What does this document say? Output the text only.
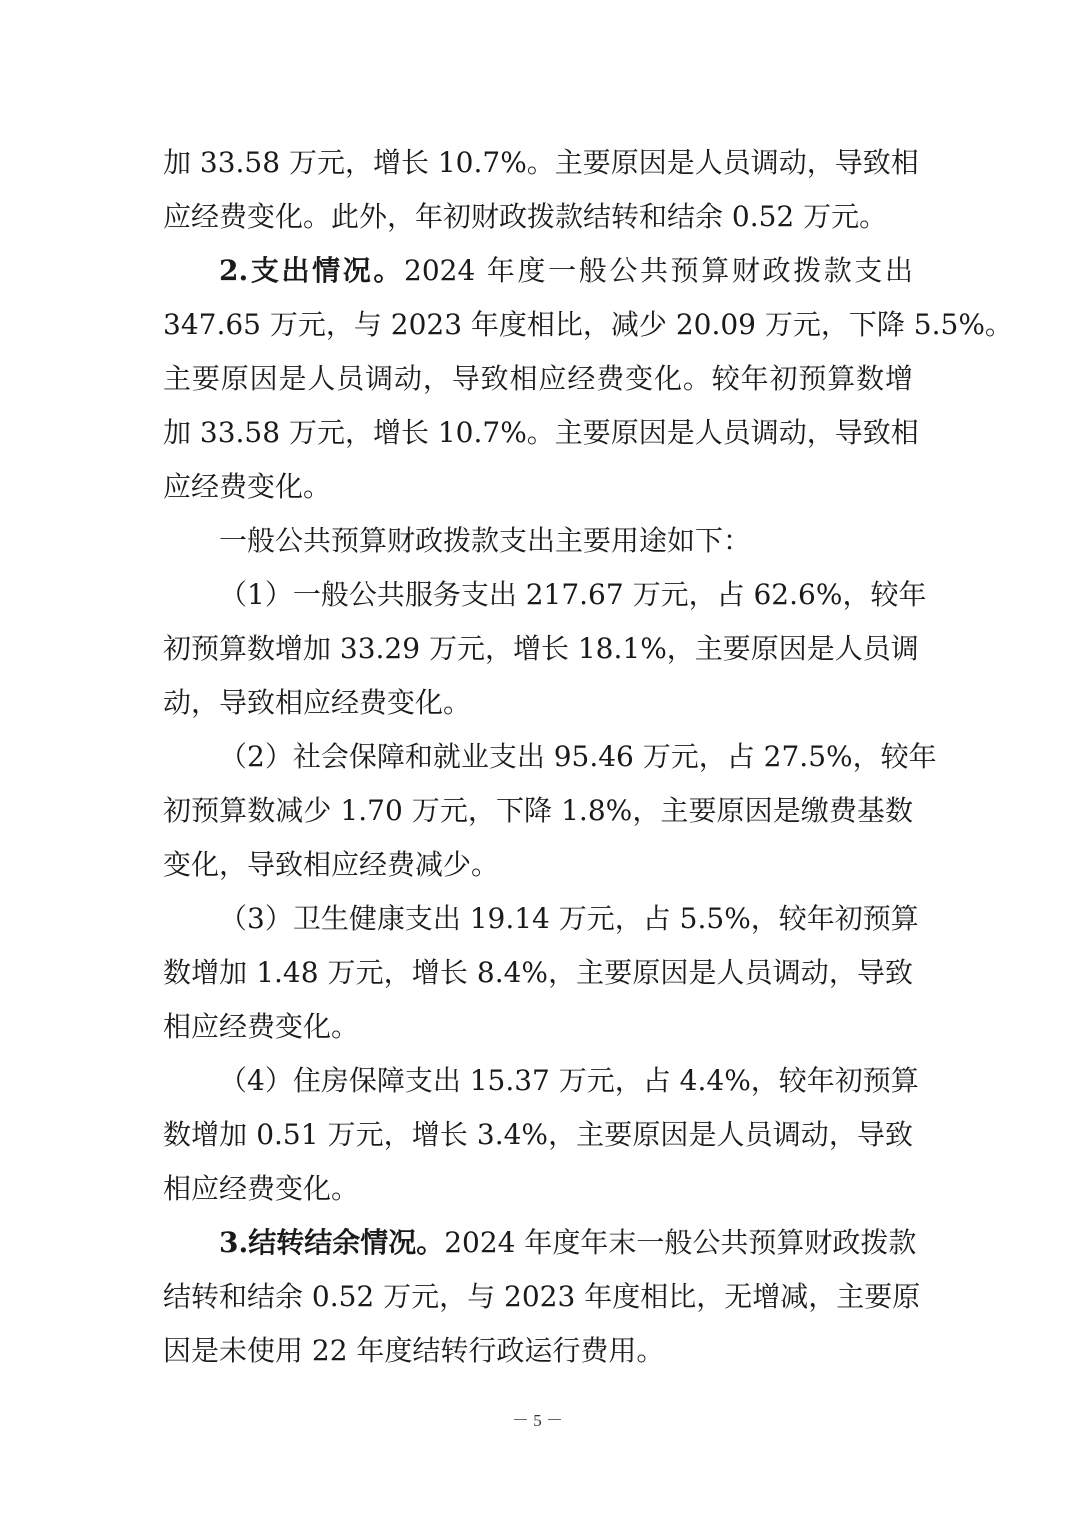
加 33.58 万元，增长 10.7%。主要原因是人员调动，导致相
应经费变化。此外，年初财政拨款结转和结余 0.52 万元。
2.支出情况。2024 年度一般公共预算财政拨款支出
347.65 万元，与 2023 年度相比，减少 20.09 万元，下降 5.5%。
主要原因是人员调动，导致相应经费变化。较年初预算数增
加 33.58 万元，增长 10.7%。主要原因是人员调动，导致相
应经费变化。
一般公共预算财政拨款支出主要用途如下：
（1）一般公共服务支出 217.67 万元，占 62.6%，较年
初预算数增加 33.29 万元，增长 18.1%，主要原因是人员调
动，导致相应经费变化。
（2）社会保障和就业支出 95.46 万元，占 27.5%，较年
初预算数减少 1.70 万元，下降 1.8%，主要原因是缴费基数
变化，导致相应经费减少。
（3）卫生健康支出 19.14 万元，占 5.5%，较年初预算
数增加 1.48 万元，增长 8.4%，主要原因是人员调动，导致
相应经费变化。
（4）住房保障支出 15.37 万元，占 4.4%，较年初预算
数增加 0.51 万元，增长 3.4%，主要原因是人员调动，导致
相应经费变化。
3.结转结余情况。2024 年度年末一般公共预算财政拨款
结转和结余 0.52 万元，与 2023 年度相比，无增减，主要原
因是未使用 22 年度结转行政运行费用。
－ 5 －
